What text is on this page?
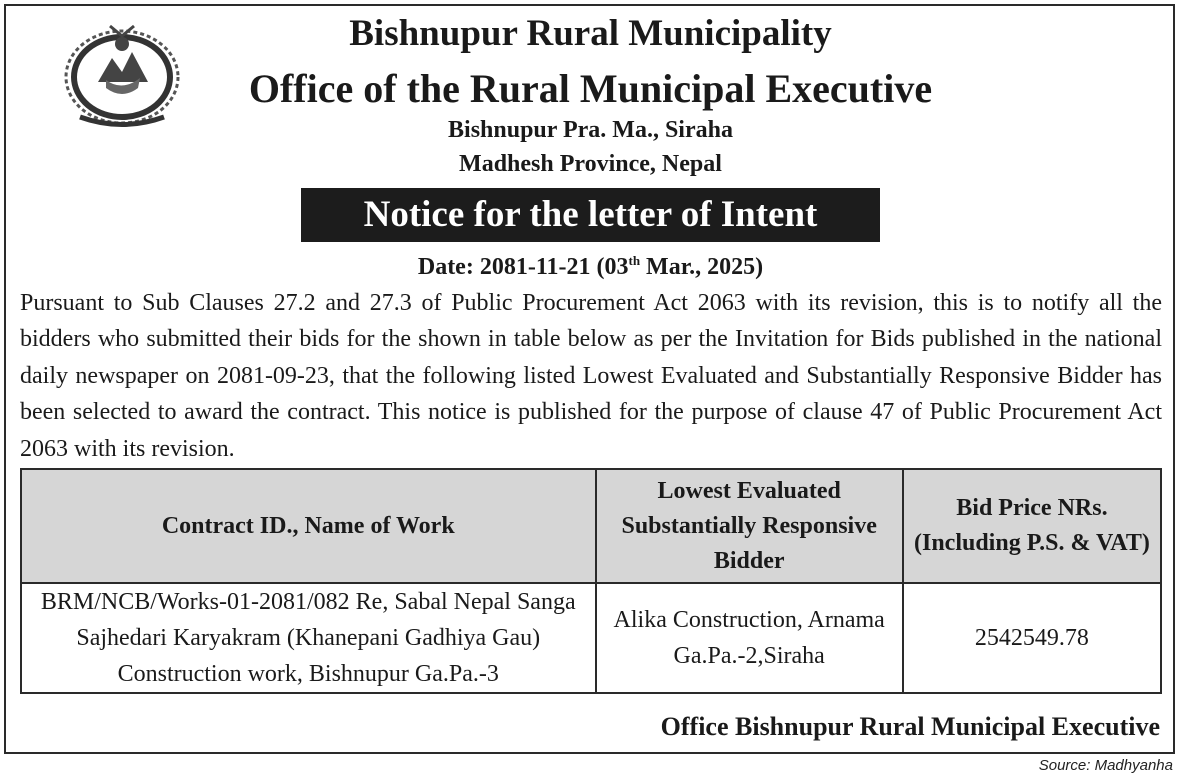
Bishnupur Rural Municipality
Office of the Rural Municipal Executive
Bishnupur Pra. Ma., Siraha
Madhesh Province, Nepal
Notice for the letter of Intent
Date: 2081-11-21 (03th Mar., 2025)
Pursuant to Sub Clauses 27.2 and 27.3 of Public Procurement Act 2063 with its revision, this is to notify all the bidders who submitted their bids for the shown in table below as per the Invitation for Bids published in the national daily newspaper on 2081-09-23, that the following listed Lowest Evaluated and Substantially Responsive Bidder has been selected to award the contract. This notice is published for the purpose of clause 47 of Public Procurement Act 2063 with its revision.
Contract ID., Name of Work	Lowest Evaluated Substantially Responsive Bidder	Bid Price NRs. (Including P.S. & VAT)
BRM/NCB/Works-01-2081/082 Re, Sabal Nepal Sanga Sajhedari Karyakram (Khanepani Gadhiya Gau) Construction work, Bishnupur Ga.Pa.-3	Alika Construction, Arnama Ga.Pa.-2,Siraha	2542549.78
Office Bishnupur Rural Municipal Executive
Source: Madhyanha
